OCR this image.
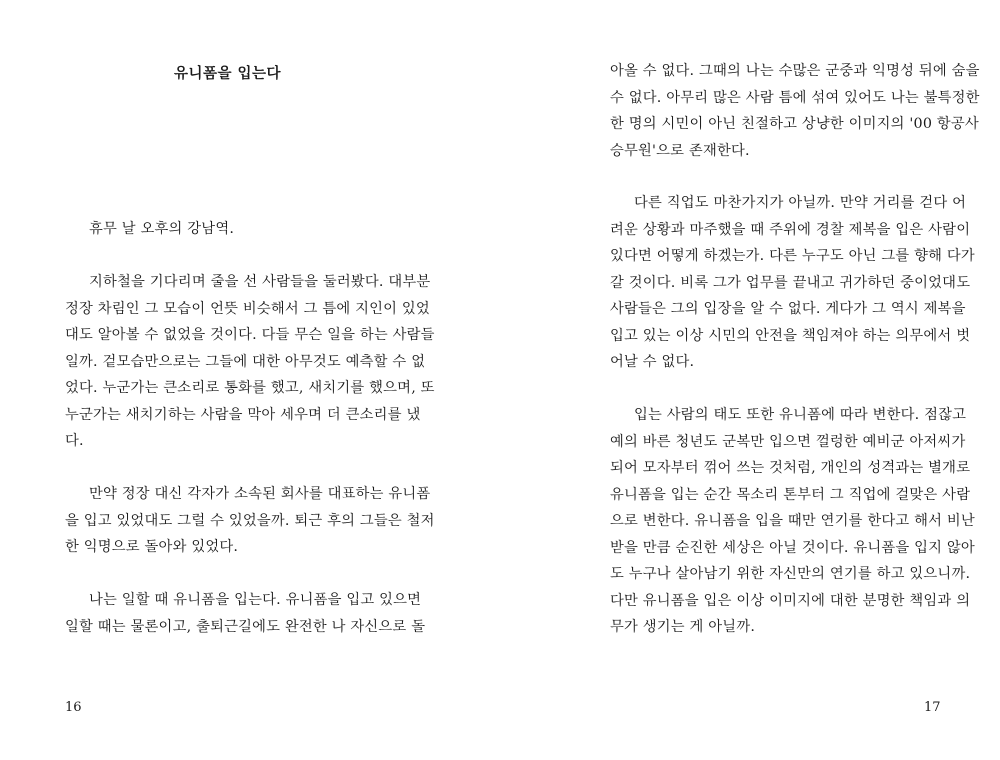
유니폼을 입는다
휴무 날 오후의 강남역.
지하철을 기다리며 줄을 선 사람들을 둘러봤다. 대부분
정장 차림인 그 모습이 언뜻 비슷해서 그 틈에 지인이 있었
대도 알아볼 수 없었을 것이다. 다들 무슨 일을 하는 사람들
일까. 겉모습만으로는 그들에 대한 아무것도 예측할 수 없
었다. 누군가는 큰소리로 통화를 했고, 새치기를 했으며, 또
누군가는 새치기하는 사람을 막아 세우며 더 큰소리를 냈
다.
만약 정장 대신 각자가 소속된 회사를 대표하는 유니폼
을 입고 있었대도 그럴 수 있었을까. 퇴근 후의 그들은 철저
한 익명으로 돌아와 있었다.
나는 일할 때 유니폼을 입는다. 유니폼을 입고 있으면
일할 때는 물론이고, 출퇴근길에도 완전한 나 자신으로 돌
16
아올 수 없다. 그때의 나는 수많은 군중과 익명성 뒤에 숨을
수 없다. 아무리 많은 사람 틈에 섞여 있어도 나는 불특정한
한 명의 시민이 아닌 친절하고 상냥한 이미지의 '00 항공사
승무원'으로 존재한다.
다른 직업도 마찬가지가 아닐까. 만약 거리를 걷다 어
려운 상황과 마주했을 때 주위에 경찰 제복을 입은 사람이
있다면 어떻게 하겠는가. 다른 누구도 아닌 그를 향해 다가
갈 것이다. 비록 그가 업무를 끝내고 귀가하던 중이었대도
사람들은 그의 입장을 알 수 없다. 게다가 그 역시 제복을
입고 있는 이상 시민의 안전을 책임져야 하는 의무에서 벗
어날 수 없다.
입는 사람의 태도 또한 유니폼에 따라 변한다. 점잖고
예의 바른 청년도 군복만 입으면 껄렁한 예비군 아저씨가
되어 모자부터 꺾어 쓰는 것처럼, 개인의 성격과는 별개로
유니폼을 입는 순간 목소리 톤부터 그 직업에 걸맞은 사람
으로 변한다. 유니폼을 입을 때만 연기를 한다고 해서 비난
받을 만큼 순진한 세상은 아닐 것이다. 유니폼을 입지 않아
도 누구나 살아남기 위한 자신만의 연기를 하고 있으니까.
다만 유니폼을 입은 이상 이미지에 대한 분명한 책임과 의
무가 생기는 게 아닐까.
17
